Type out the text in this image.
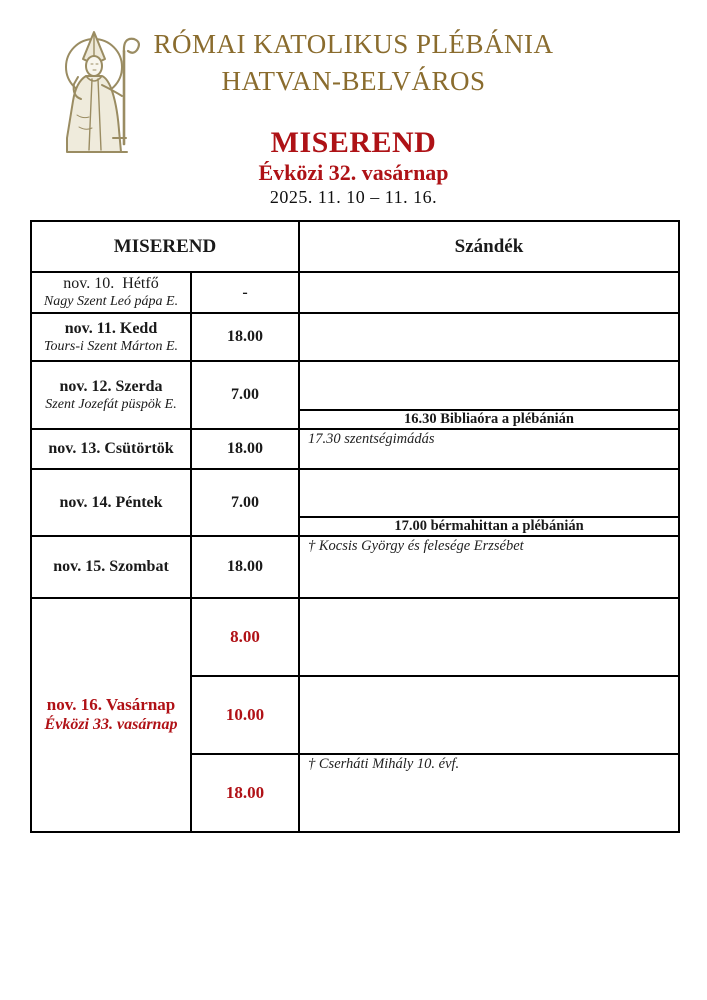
RÓMAI KATOLIKUS PLÉBÁNIA
HATVAN-BELVÁROS
MISEREND
Évközi 32. vasárnap
2025. 11. 10 – 11. 16.
MISEREND		Szándék

nov. 10.  Hétfő
Nagy Szent Leó pápa E.	-	

nov. 11. Kedd
Tours-i Szent Márton E.	18.00	

nov. 12. Szerda
Szent Jozefát püspök E.	7.00	
		16.30 Bibliaóra a plébánián

nov. 13. Csütörtök	18.00	17.30 szentségimádás

nov. 14. Péntek	7.00	
		17.00 bérmahittan a plébánián

nov. 15. Szombat	18.00	† Kocsis György és felesége Erzsébet

nov. 16. Vasárnap
Évközi 33. vasárnap	8.00	
	10.00	
	18.00	† Cserháti Mihály 10. évf.
